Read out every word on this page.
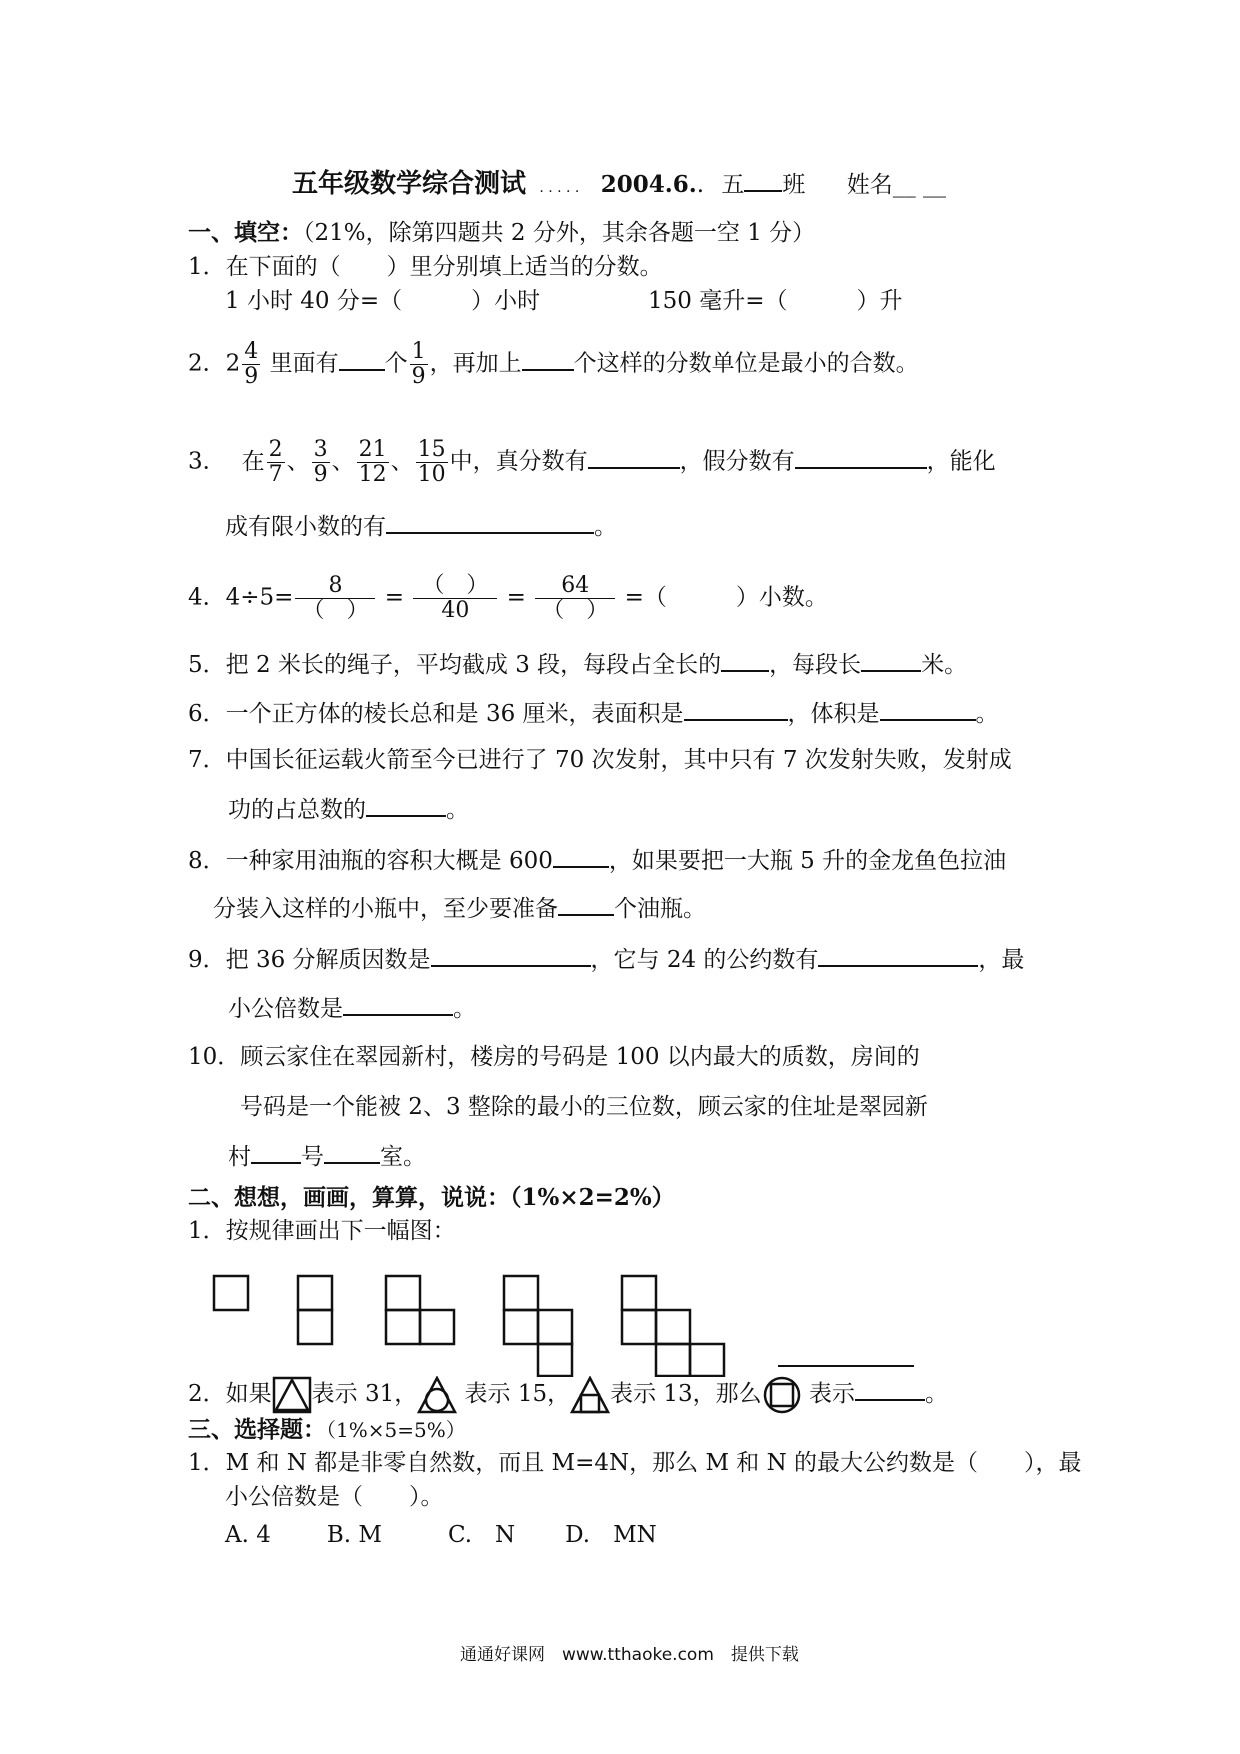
五年级数学综合测试 . . . . . 2004.6.. 五 班 姓名__ __
一、填空：（21%，除第四题共 2 分外，其余各题一空 1 分）
1．在下面的（　　）里分别填上适当的分数。
1 小时 40 分=（　　　）小时	150 毫升=（　　　）升
2．$2 \frac{4}{9}$ 里面有 个 $\frac{1}{9}$ ，再加上 个这样的分数单位是最小的合数。
3． 在 $\frac{2}{7}$ 、 $\frac{3}{9}$ 、 $\frac{21}{12}$ 、 $\frac{15}{10}$ 中，真分数有	，假分数有	，能化
成有限小数的有	。
4．$4\div 5= \frac{8}{( )} = \frac{( )}{40} = \frac{64}{( )}$ =（　　　）小数。
5．把 2 米长的绳子，平均截成 3 段，每段占全长的 ，每段长	米。
6．一个正方体的棱长总和是 36 厘米，表面积是	，体积是	。
7．中国长征运载火箭至今已进行了 70 次发射，其中只有 7 次发射失败，发射成
功的占总数的	。
8．一种家用油瓶的容积大概是 600 ，如果要把一大瓶 5 升的金龙鱼色拉油
分装入这样的小瓶中，至少要准备 个油瓶。
9．把 36 分解质因数是	，它与 24 的公约数有	，最
小公倍数是	。
10．顾云家住在翠园新村，楼房的号码是 100 以内最大的质数，房间的
号码是一个能被 2、3 整除的最小的三位数，顾云家的住址是翠园新
村 号 室。
二、想想，画画，算算，说说：（1%×2=2%）
1．按规律画出下一幅图：
2．如果 表示 31， 表示 15， 表示 13，那么 表示	。
三、选择题：（1%×5=5%）
1．M 和 N 都是非零自然数，而且 M=4N，那么 M 和 N 的最大公约数是（　　），最
小公倍数是（　　）。
A. 4 B. M	C.　N D.　MN
通通好课网　www.tthaoke.com　提供下载
